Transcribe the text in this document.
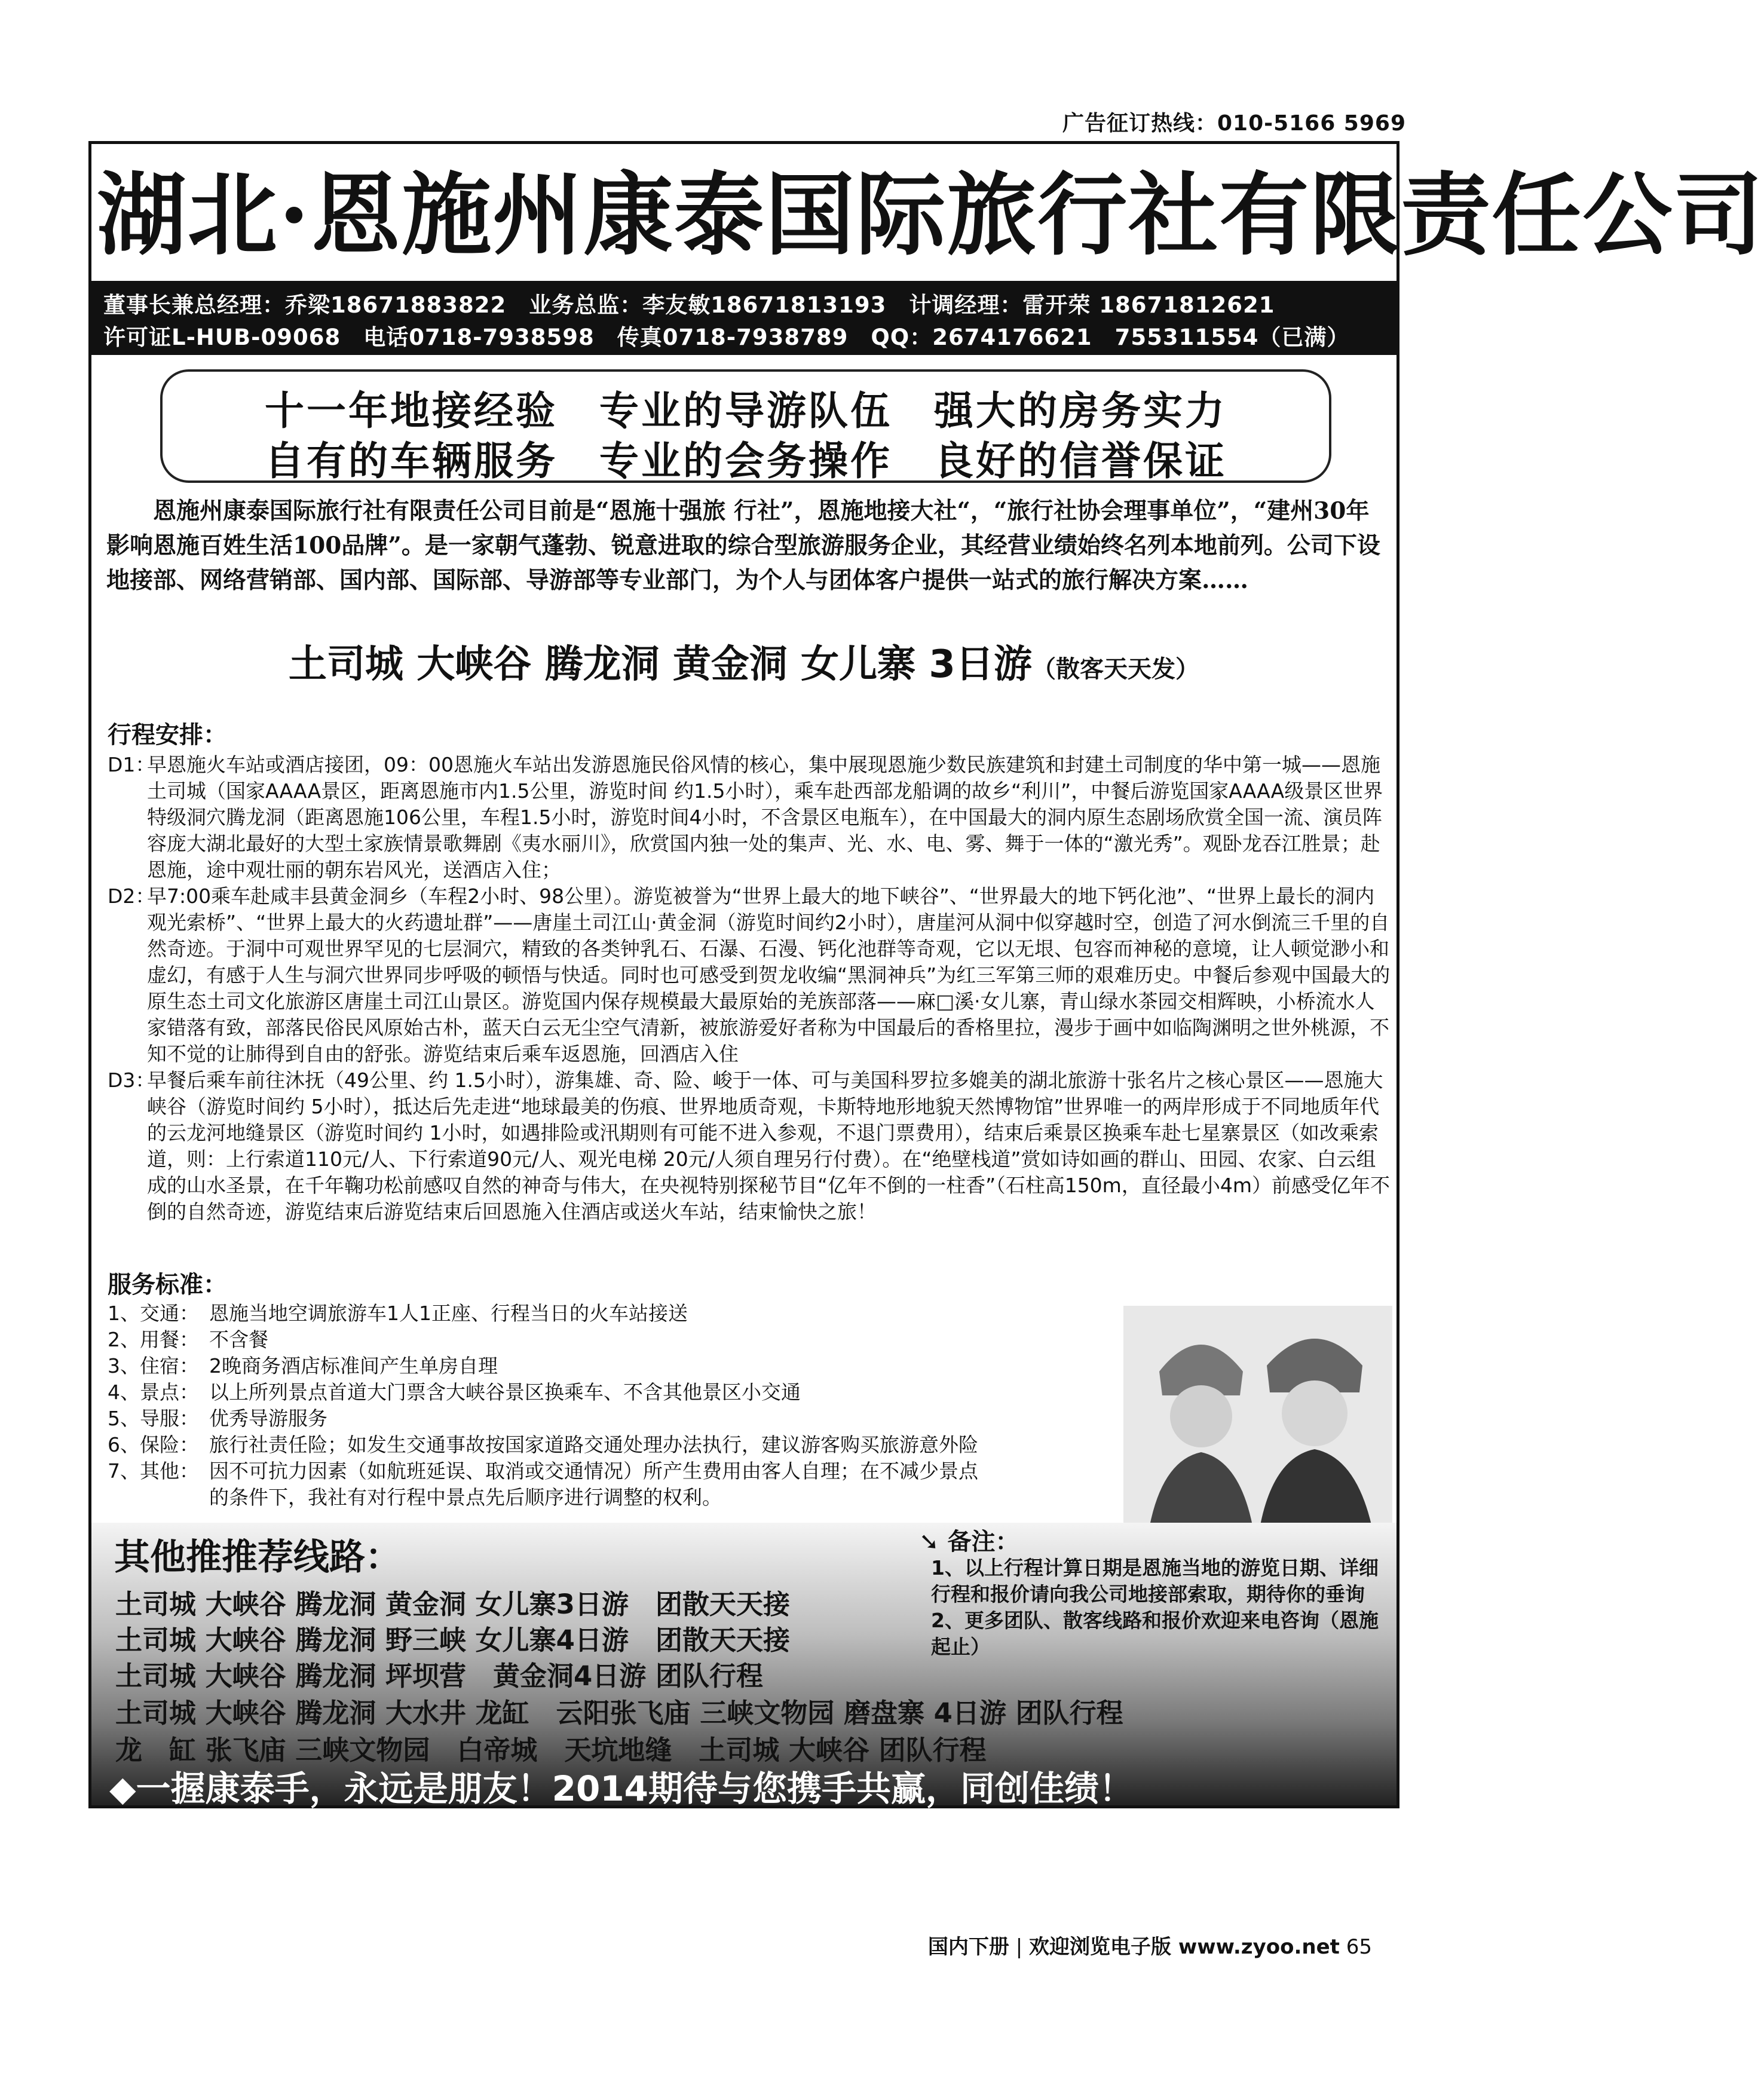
广告征订热线：010-5166 5969
湖北·恩施州康泰国际旅行社有限责任公司
董事长兼总经理：乔梁18671883822　业务总监：李友敏18671813193　计调经理：雷开荣 18671812621
许可证L-HUB-09068　电话0718-7938598　传真0718-7938789　QQ：2674176621　755311554（已满）
十一年地接经验　专业的导游队伍　强大的房务实力
自有的车辆服务　专业的会务操作　良好的信誉保证
恩施州康泰国际旅行社有限责任公司目前是“恩施十强旅 行社”，恩施地接大社“，“旅行社协会理事单位”，“建州30年影响恩施百姓生活100品牌”。是一家朝气蓬勃、锐意进取的综合型旅游服务企业，其经营业绩始终名列本地前列。公司下设地接部、网络营销部、国内部、国际部、导游部等专业部门，为个人与团体客户提供一站式的旅行解决方案……
土司城 大峡谷 腾龙洞 黄金洞 女儿寨 3日游（散客天天发）
行程安排：
D1：
早恩施火车站或酒店接团，09：00恩施火车站出发游恩施民俗风情的核心，集中展现恩施少数民族建筑和封建土司制度的华中第一城——恩施土司城（国家AAAA景区，距离恩施市内1.5公里，游览时间 约1.5小时），乘车赴西部龙船调的故乡“利川”，中餐后游览国家AAAA级景区世界特级洞穴腾龙洞（距离恩施106公里，车程1.5小时，游览时间4小时，不含景区电瓶车），在中国最大的洞内原生态剧场欣赏全国一流、演员阵容庞大湖北最好的大型土家族情景歌舞剧《夷水丽川》，欣赏国内独一处的集声、光、水、电、雾、舞于一体的“激光秀”。观卧龙吞江胜景；赴恩施，途中观壮丽的朝东岩风光，送酒店入住；
D2：
早7:00乘车赴咸丰县黄金洞乡（车程2小时、98公里）。游览被誉为“世界上最大的地下峡谷”、“世界最大的地下钙化池”、“世界上最长的洞内观光索桥”、“世界上最大的火药遗址群”——唐崖土司江山·黄金洞（游览时间约2小时），唐崖河从洞中似穿越时空，创造了河水倒流三千里的自然奇迹。于洞中可观世界罕见的七层洞穴，精致的各类钟乳石、石瀑、石漫、钙化池群等奇观，它以无垠、包容而神秘的意境，让人顿觉渺小和虚幻，有感于人生与洞穴世界同步呼吸的顿悟与快适。同时也可感受到贺龙收编“黑洞神兵”为红三军第三师的艰难历史。中餐后参观中国最大的原生态土司文化旅游区唐崖土司江山景区。游览国内保存规模最大最原始的羌族部落——麻□溪·女儿寨，青山绿水茶园交相辉映，小桥流水人家错落有致，部落民俗民风原始古朴，蓝天白云无尘空气清新，被旅游爱好者称为中国最后的香格里拉，漫步于画中如临陶渊明之世外桃源，不知不觉的让肺得到自由的舒张。游览结束后乘车返恩施，回酒店入住
D3：
早餐后乘车前往沐抚（49公里、约 1.5小时），游集雄、奇、险、峻于一体、可与美国科罗拉多媲美的湖北旅游十张名片之核心景区——恩施大峡谷（游览时间约 5小时），抵达后先走进“地球最美的伤痕、世界地质奇观，卡斯特地形地貌天然博物馆”世界唯一的两岸形成于不同地质年代的云龙河地缝景区（游览时间约 1小时，如遇排险或汛期则有可能不进入参观，不退门票费用），结束后乘景区换乘车赴七星寨景区（如改乘索道，则：上行索道110元/人、下行索道90元/人、观光电梯 20元/人须自理另行付费）。在“绝壁栈道”赏如诗如画的群山、田园、农家、白云组成的山水圣景，在千年鞠功松前感叹自然的神奇与伟大，在央视特别探秘节目“亿年不倒的一柱香”（石柱高150m，直径最小4m）前感受亿年不倒的自然奇迹，游览结束后游览结束后回恩施入住酒店或送火车站，结束愉快之旅！
服务标准：
1、交通： 恩施当地空调旅游车1人1正座、行程当日的火车站接送
2、用餐： 不含餐
3、住宿： 2晚商务酒店标准间产生单房自理
4、景点： 以上所列景点首道大门票含大峡谷景区换乘车、不含其他景区小交通
5、导服： 优秀导游服务
6、保险： 旅行社责任险；如发生交通事故按国家道路交通处理办法执行，建议游客购买旅游意外险
7、其他： 因不可抗力因素（如航班延误、取消或交通情况）所产生费用由客人自理；在不减少景点
的条件下，我社有对行程中景点先后顺序进行调整的权利。
其他推推荐线路：
土司城 大峡谷 腾龙洞 黄金洞 女儿寨3日游　团散天天接
土司城 大峡谷 腾龙洞 野三峡 女儿寨4日游　团散天天接
土司城 大峡谷 腾龙洞 坪坝营　黄金洞4日游 团队行程
土司城 大峡谷 腾龙洞 大水井 龙缸　云阳张飞庙 三峡文物园 磨盘寨 4日游 团队行程
龙　缸 张飞庙 三峡文物园　白帝城　天坑地缝　土司城 大峡谷 团队行程
➘ 备注：
1、以上行程计算日期是恩施当地的游览日期、详细行程和报价请向我公司地接部索取，期待你的垂询
2、更多团队、散客线路和报价欢迎来电咨询（恩施起止）
◆一握康泰手，永远是朋友！2014期待与您携手共赢，同创佳绩！
国内下册 | 欢迎浏览电子版 www.zyoo.net 65
